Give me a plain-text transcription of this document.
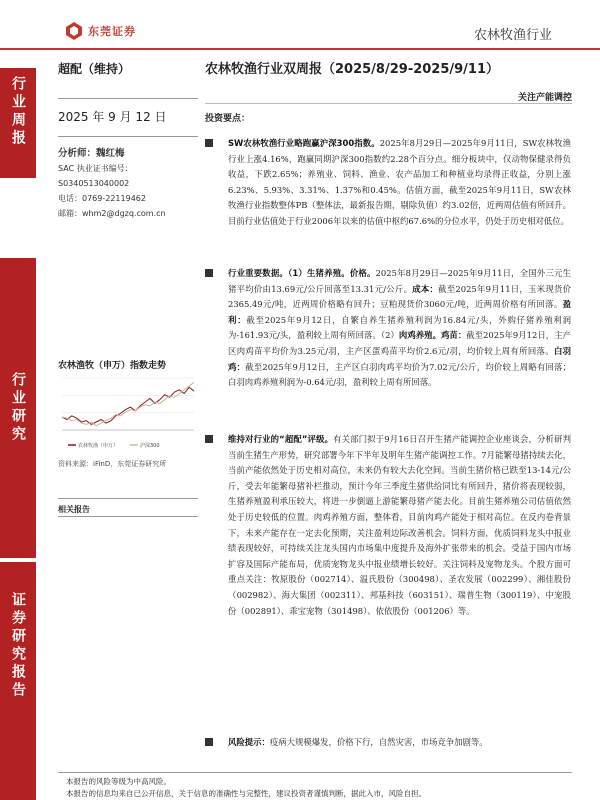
东莞证券	农林牧渔行业
行业周报
行业研究
证券研究报告
超配（维持）
2025 年 9 月 12 日
分析师：魏红梅
SAC 执业证书编号：
S0340513040002
电话：0769-22119462
邮箱：whm2@dgzq.com.cn
农林渔牧（申万）指数走势
农林牧渔（申万）	沪深300
资料来源：iFinD，东莞证券研究所
相关报告
农林牧渔行业双周报（2025/8/29-2025/9/11）
关注产能调控
投资要点：
SW农林牧渔行业略跑赢沪深300指数。2025年8月29日—2025年9月11日，SW农林牧渔行业上涨4.16%，跑赢同期沪深300指数约2.28个百分点。细分板块中，仅动物保健录得负收益，下跌2.65%；养殖业、饲料、渔业、农产品加工和种植业均录得正收益，分别上涨6.23%、5.93%、3.31%、1.37%和0.45%。估值方面，截至2025年9月11日，SW农林牧渔行业指数整体PB（整体法，最新报告期，剔除负值）约3.02倍，近两周估值有所回升。目前行业估值处于行业2006年以来的估值中枢约67.6%的分位水平，仍处于历史相对低位。
行业重要数据。（1）生猪养殖。价格。2025年8月29日—2025年9月11日，全国外三元生猪平均价由13.69元/公斤回落至13.31元/公斤。成本：截至2025年9月11日，玉米现货价2365.49元/吨，近两周价格略有回升；豆粕现货价3060元/吨，近两周价格有所回落。盈利：截至2025年9月12日，自繁自养生猪养殖利润为16.84元/头，外购仔猪养殖利润为-161.93元/头，盈利较上周有所回落。（2）肉鸡养殖。鸡苗：截至2025年9月12日，主产区肉鸡苗平均价为3.25元/羽，主产区蛋鸡苗平均价2.6元/羽，均价较上周有所回落。白羽鸡：截至2025年9月12日，主产区白羽肉鸡平均价为7.02元/公斤，均价较上周略有回落；白羽肉鸡养殖利润为-0.64元/羽，盈利较上周有所回落。
维持对行业的“超配”评级。有关部门拟于9月16日召开生猪产能调控企业座谈会，分析研判当前生猪生产形势，研究部署今年下半年及明年生猪产能调控工作。7月能繁母猪持续去化，当前产能依然处于历史相对高位，未来仍有较大去化空间。当前生猪价格已跌至13-14元/公斤，受去年能繁母猪补栏推动，预计今年三季度生猪供给同比有所回升，猪价将表现较弱，生猪养殖盈利承压较大，将进一步倒逼上游能繁母猪产能去化。目前生猪养殖公司估值依然处于历史较低的位置。肉鸡养殖方面，整体看，目前肉鸡产能处于相对高位。在反内卷背景下，未来产能存在一定去化预期，关注盈利边际改善机会。饲料方面，优质饲料龙头中报业绩表现较好，可持续关注龙头国内市场集中度提升及海外扩张带来的机会。受益于国内市场扩容及国际产能布局，优质宠物龙头中报业绩增长较好。关注饲料及宠物龙头。个股方面可重点关注：牧原股份（002714）、温氏股份（300498）、圣农发展（002299）、湘佳股份（002982）、海大集团（002311）、邦基科技（603151）、瑞普生物（300119）、中宠股份（002891）、乖宝宠物（301498）、依依股份（001206）等。
风险提示：疫病大规模爆发，价格下行，自然灾害，市场竞争加剧等。
本报告的风险等级为中高风险。
本报告的信息均来自已公开信息，关于信息的准确性与完整性，建议投资者谨慎判断，据此入市，风险自担。
